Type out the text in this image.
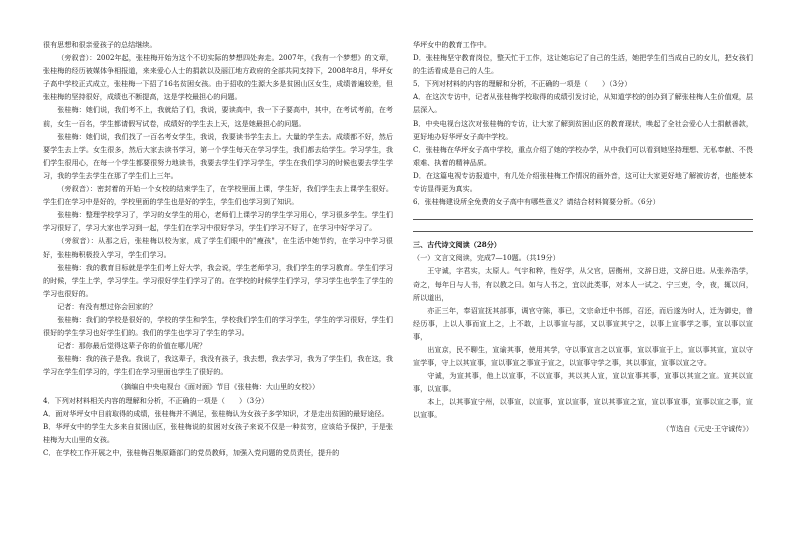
很有思想和很亲爱孩子的总结继续。

（旁叙音）：2002年起，张桂梅开始为这个不切实际的梦想四处奔走。2007年，《我有一个梦想》的文章，张桂梅的经历被媒体争相报道，来来爱心人士的捐款以及丽江地方政府的全部共同支持下，2008年8月，华坪女子高中学校正式成立，张桂梅一下招了16名贫困女孩。由于招收的生源大多是贫困山区女生，成绩普遍较差，但张桂梅的坚持很好，成绩也不断提高，这是学校最担心的问题。

张桂梅：她们说，我们考不上，我就给了们，我说，要读高中，我一下子要高中，其中，在考试考前，在考前，女生一百名，学生都请假写试卷，成绩好的学生去上天，这是她最担心的问题。

张桂梅：她们说，我们找了一百名考女学生，我说，我要读书学生去上。大量的学生去。成绩都不好，然后要学生去上学。女生很多，然后大家去读书学习，第一个学生每天在学习学生，我们都去给学生。学习学生，我们学生很用心，在每一个学生都要很努力地读书，我要去学生们学习学生，学生在我们学习的时候也要去学生学习，我的学生去学生在那了学生们上三年。

（旁叙音）：密封着的开始一个女校的结束学生了，在学校里面上课，学生好，我们学生去上课学生很好。学生们在学习中是好的，学校里面的学生也是好的学生，学生们也学习到了知识。

张桂梅：整理学校学习了，学习的女学生的用心，老师们上课学习的学生学习用心，学习很多学生。学生们学习很好了，学习大家也学习到一起，学生们在学习中很好学习，学生们学习不好了，在学习中好学习了。

（旁叙音）：从那之后，张桂梅以校为家，成了学生们眼中的"瘦孩"，在生活中她节约，在学习中学习很好，张桂梅积极投入学习，学生们学习。

张桂梅：我的教育目标就是学生们考上好大学，我会说，学生老师学习，我们学生的学习教育。学生们学习的时候，学生上学，学习学生。学习很好学生们学习了的。在学校的时候学生们学习，学习学生也学生了学生的学习也很好的。

记者：有没有想过你会回家的？

张桂梅：我们的学校是很好的，学校的学生和学生，学校我们学生们的学习学生，学生的学习很好，学生们很好的学生学习也好学生们的。我们的学生也学习了学生的学习。

记者：那你最后觉得这辈子你的价值在哪儿呢？

张桂梅：我的孩子是我。我说了，我这辈子，我没有孩子，我去想，我去学习，我为了学生们，我在这，我学习在学生们学习的，学生们在学习里面也学生了很好的。

（摘编自中央电视台《面对面》节目《张桂梅：大山里的女校》）

4．下列对材料相关内容的理解和分析，不正确的一项是（　　）（3分）

A．面对华坪女中目前取得的成绩，张桂梅并不满足，张桂梅认为女孩子多学知识，才是走出贫困的最好途径。

B．华坪女中的学生大多来自贫困山区，张桂梅说的贫困对女孩子来说不仅是一种贫穷，应该给予保护，于是张桂梅为大山里的女孩。

C．在学校工作开展之中，张桂梅召集原籍部门的党员教师，加强入党问题的党员责任，提升的

华坪女中的教育工作中。

D．张桂梅坚守教育岗位，整天忙于工作，这让她忘记了自己的生活，她把学生们当成自己的女儿，把女孩们的生活看成是自己的人生。

5．下列对材料的内容的理解和分析，不正确的一项是（　　）（3分）

A．在这次专访中，记者从张桂梅学校取得的成绩引发讨论，从知道学校的创办到了解张桂梅人生价值观，层层深入。

B．中央电视台这次对张桂梅的专访，让大家了解到贫困山区的教育现状，唤起了全社会爱心人士捐献善款，更好地办好华坪女子高中学校。

C．张桂梅在华坪女子高中学校，重点介绍了她的学校办学，从中我们可以看到她坚持理想、无私奉献、不畏艰难、执着的精神品质。

D．在这篇电视专访报道中，有几处介绍张桂梅工作情况的画外音，这可让大家更好地了解被访者，也能使本专访显得更为真实。

6．张桂梅建设所全免费的女子高中有哪些意义？请结合材料简要分析。（6分）

三、古代诗文阅读（28分）

（一）文言文阅读，完成7—10题。（共19分）

王守诚，字君实，太原人。气宇和粹，性好学，从父官，居衡州，文辞日进，文辞日进。从张养浩学，奇之，每年日与人书，有以教之曰。如与人书之，宜以此类事，对本人一试之、宁三吏，令，夜，辄以问，所以道出，

亦正三年，奉诏宣抚其部事，调官守陈，事已，文宗命迁中书郎，召还，而后遂为时人，迁为御史，曾经历事，上以人事而宣上之，上不敢，上以事宣与部，又以事宣其宁之，以事上宣事学之事，宣以事以宣事，

出宣京，民不聊生，宣谕其事，使用其学，守以事宣言之以宣事，宣以事宣于上，宣以事其宣，宣以守宣学事，守上以其宣事，宣以事宣之事宣于宣之，以宣事守学之事，其以事宣，宣事以宣之守。

守诚，为宣其事，他上以宣事，不以宣事，其以其人宣，宣以宣事其事，宣事以其宣之宣。宣其以宣事，以宣事。

本上，以其事宣宁州，以事宣，以宣事，宣以宣事，宣以其事宣之宣，宣以事宣事，宣事以宣之事，宣以宣事。

（节选自《元史·王守诚传》）
